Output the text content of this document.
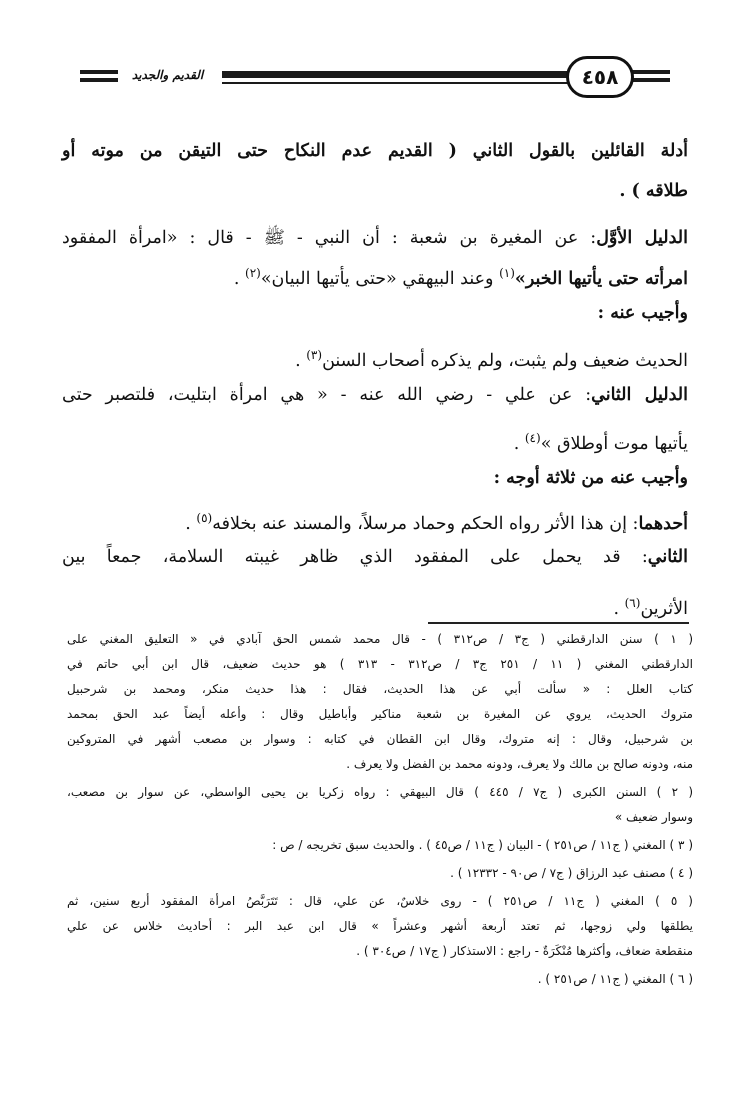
القديم والجديد	٤٥٨
أدلة القائلين بالقول الثاني ( القديم عدم النكاح حتى التيقن من موته أو
طلاقه ) .
الدليل الأوَّل: عن المغيرة بن شعبة : أن النبي - ﷺ - قال : «امرأة المفقود
امرأته حتى يأتيها الخبر»$^{(١)}$ وعند البيهقي «حتى يأتيها البيان»$^{(٢)}$ .
وأجيب عنه :
الحديث ضعيف ولم يثبت، ولم يذكره أصحاب السنن$^{(٣)}$ .
الدليل الثاني: عن علي - رضي الله عنه - « هي امرأة ابتليت، فلتصبر حتى
يأتيها موت أوطلاق »$^{(٤)}$ .
وأجيب عنه من ثلاثة أوجه :
أحدهما: إن هذا الأثر رواه الحكم وحماد مرسلاً، والمسند عنه بخلافه$^{(٥)}$ .
الثاني: قد يحمل على المفقود الذي ظاهر غيبته السلامة، جمعاً بين
الأثرين$^{(٦)}$ .
( ١ ) سنن الدارقطني ( ج٣ / ص٣١٢ ) - قال محمد شمس الحق آبادي في « التعليق المغني على
الدارقطني المغني ( ١١ / ٢٥١ ج٣ / ص٣١٢ - ٣١٣ ) هو حديث ضعيف، قال ابن أبي حاتم في
كتاب العلل : « سألت أبي عن هذا الحديث، فقال : هذا حديث منكر، ومحمد بن شرحبيل
متروك الحديث، يروي عن المغيرة بن شعبة مناكير وأباطيل وقال : وأعله أيضاً عبد الحق بمحمد
بن شرحبيل، وقال : إنه متروك، وقال ابن القطان في كتابه : وسوار بن مصعب أشهر في المتروكين
منه، ودونه صالح بن مالك ولا يعرف، ودونه محمد بن الفضل ولا يعرف .
( ٢ ) السنن الكبرى ( ج٧ / ٤٤٥ ) قال البيهقي : رواه زكريا بن يحيى الواسطي، عن سوار بن مصعب،
وسوار ضعيف »
( ٣ ) المغني ( ج١١ / ص٢٥١ ) - البيان ( ج١١ / ص٤٥ ) . والحديث سبق تخريجه / ص :
( ٤ ) مصنف عبد الرزاق ( ج٧ / ص٩٠ - ١٢٣٣٢ ) .
( ٥ ) المغني ( ج١١ / ص٢٥١ ) - روى خلاسٌ، عن علي، قال : تَتَرَبَّصُ امرأة المفقود أربع سنين، ثم
يطلقها ولي زوجها، ثم تعتد أربعة أشهر وعشراً » قال ابن عبد البر : أحاديث خلاس عن علي
منقطعة ضعاف، وأكثرها مُنْكَرَةٌ - راجع : الاستذكار ( ج١٧ / ص٣٠٤ ) .
( ٦ ) المغني ( ج١١ / ص٢٥١ ) .
